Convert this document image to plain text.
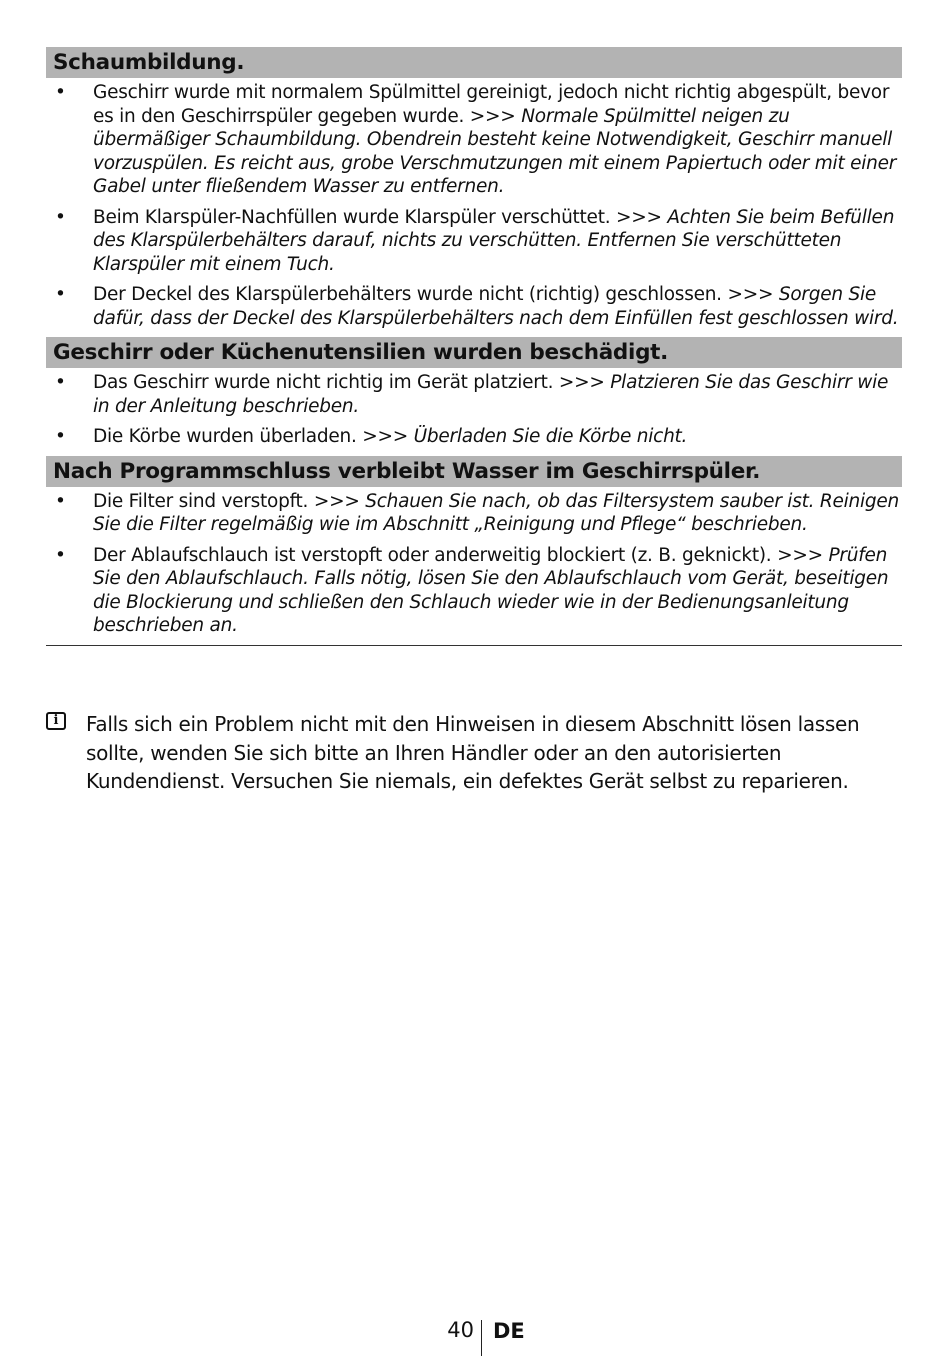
Schaumbildung.
• Geschirr wurde mit normalem Spülmittel gereinigt, jedoch nicht richtig abgespült, bevor es in den Geschirrspüler gegeben wurde. >>> Normale Spülmittel neigen zu übermäßiger Schaumbildung. Obendrein besteht keine Notwendigkeit, Geschirr manuell vorzuspülen. Es reicht aus, grobe Verschmutzungen mit einem Papiertuch oder mit einer Gabel unter fließendem Wasser zu entfernen.
• Beim Klarspüler-Nachfüllen wurde Klarspüler verschüttet. >>> Achten Sie beim Befüllen des Klarspülerbehälters darauf, nichts zu verschütten. Entfernen Sie verschütteten Klarspüler mit einem Tuch.
• Der Deckel des Klarspülerbehälters wurde nicht (richtig) geschlossen. >>> Sorgen Sie dafür, dass der Deckel des Klarspülerbehälters nach dem Einfüllen fest geschlossen wird.
Geschirr oder Küchenutensilien wurden beschädigt.
• Das Geschirr wurde nicht richtig im Gerät platziert. >>> Platzieren Sie das Geschirr wie in der Anleitung beschrieben.
• Die Körbe wurden überladen. >>> Überladen Sie die Körbe nicht.
Nach Programmschluss verbleibt Wasser im Geschirrspüler.
• Die Filter sind verstopft. >>> Schauen Sie nach, ob das Filtersystem sauber ist. Reinigen Sie die Filter regelmäßig wie im Abschnitt „Reinigung und Pflege“ beschrieben.
• Der Ablaufschlauch ist verstopft oder anderweitig blockiert (z. B. geknickt). >>> Prüfen Sie den Ablaufschlauch. Falls nötig, lösen Sie den Ablaufschlauch vom Gerät, beseitigen die Blockierung und schließen den Schlauch wieder wie in der Bedienungsanleitung beschrieben an.
i	Falls sich ein Problem nicht mit den Hinweisen in diesem Abschnitt lösen lassen sollte, wenden Sie sich bitte an Ihren Händler oder an den autorisierten Kundendienst. Versuchen Sie niemals, ein defektes Gerät selbst zu reparieren.
40 DE
